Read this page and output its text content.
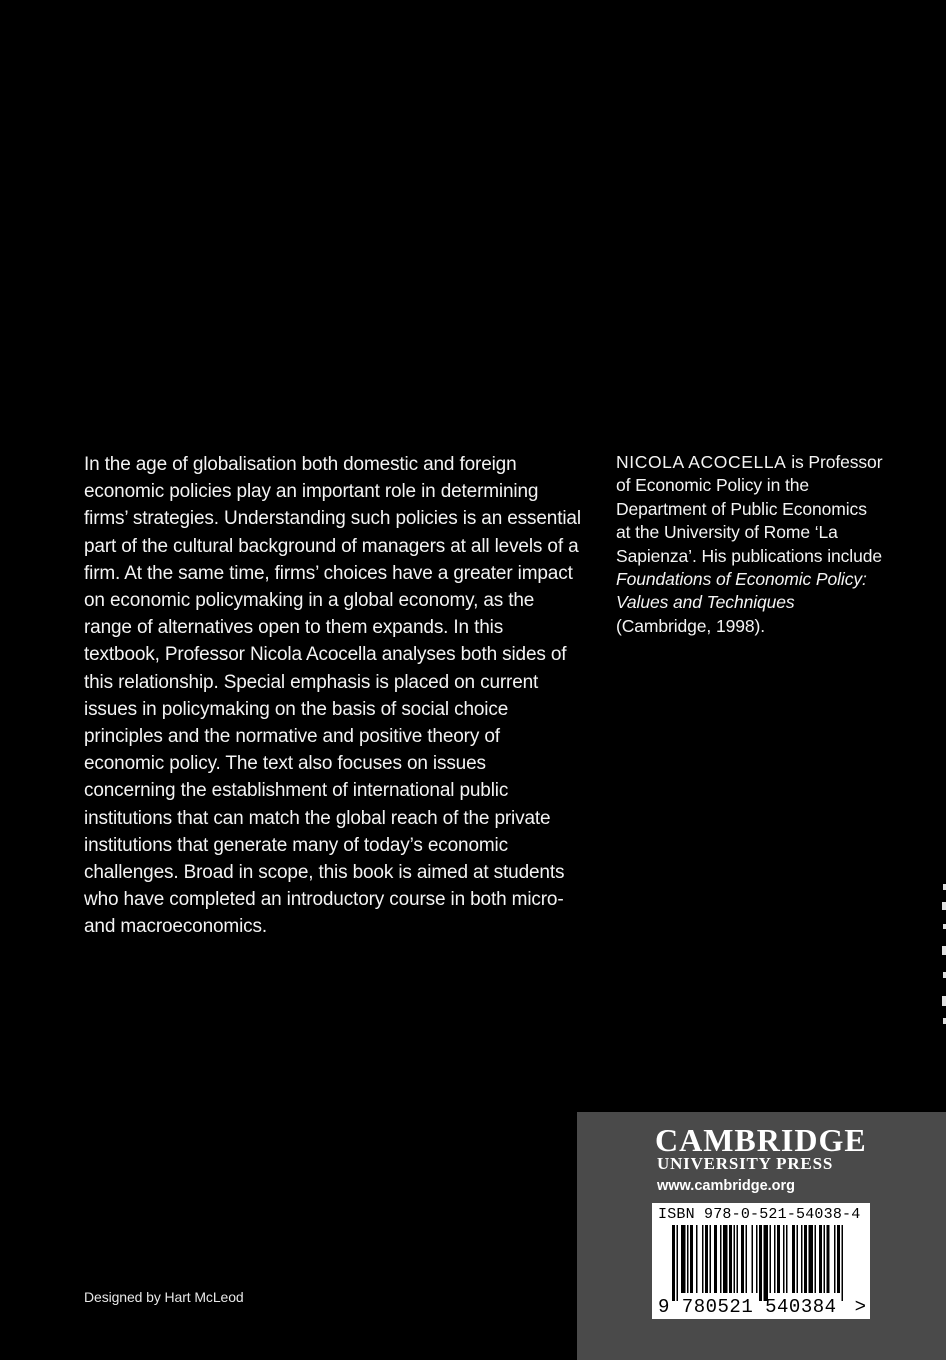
In the age of globalisation both domestic and foreign economic policies play an important role in determining firms’ strategies. Understanding such policies is an essential part of the cultural background of managers at all levels of a firm. At the same time, firms’ choices have a greater impact on economic policymaking in a global economy, as the range of alternatives open to them expands. In this textbook, Professor Nicola Acocella analyses both sides of this relationship. Special emphasis is placed on current issues in policymaking on the basis of social choice principles and the normative and positive theory of economic policy. The text also focuses on issues concerning the establishment of international public institutions that can match the global reach of the private institutions that generate many of today’s economic challenges. Broad in scope, this book is aimed at students who have completed an introductory course in both micro- and macroeconomics.

NICOLA ACOCELLA is Professor of Economic Policy in the Department of Public Economics at the University of Rome ‘La Sapienza’. His publications include Foundations of Economic Policy: Values and Techniques (Cambridge, 1998).

Designed by Hart McLeod
CAMBRIDGE
UNIVERSITY PRESS
www.cambridge.org
ISBN 978-0-521-54038-4
9 780521 540384 >
